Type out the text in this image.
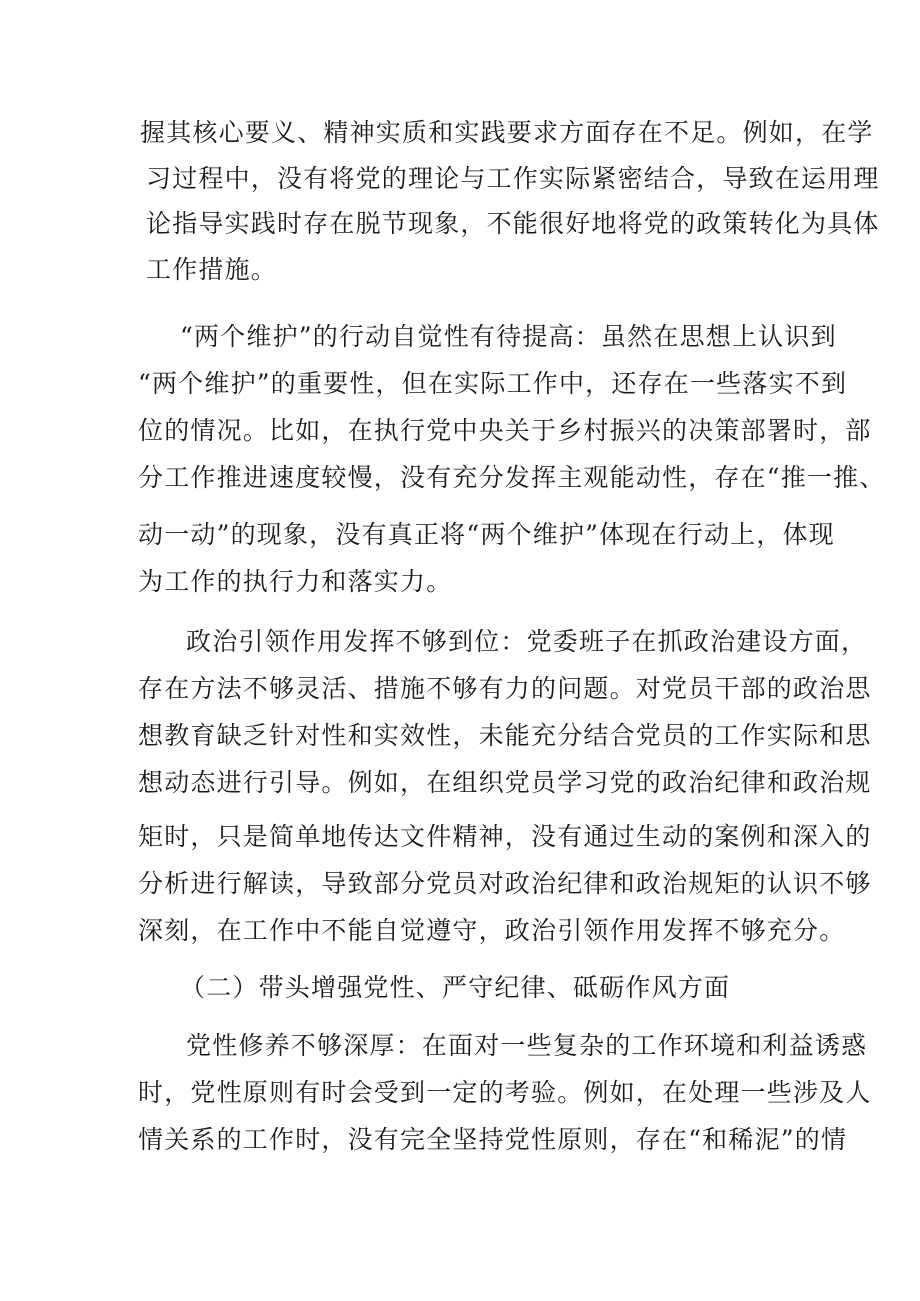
握其核心要义、精神实质和实践要求方面存在不足。例如，在学
习过程中，没有将党的理论与工作实际紧密结合，导致在运用理
论指导实践时存在脱节现象，不能很好地将党的政策转化为具体
工作措施。
“两个维护”的行动自觉性有待提高：虽然在思想上认识到
“两个维护”的重要性，但在实际工作中，还存在一些落实不到
位的情况。比如，在执行党中央关于乡村振兴的决策部署时，部
分工作推进速度较慢，没有充分发挥主观能动性，存在“推一推、
动一动”的现象，没有真正将“两个维护”体现在行动上，体现
为工作的执行力和落实力。
政治引领作用发挥不够到位：党委班子在抓政治建设方面，
存在方法不够灵活、措施不够有力的问题。对党员干部的政治思
想教育缺乏针对性和实效性，未能充分结合党员的工作实际和思
想动态进行引导。例如，在组织党员学习党的政治纪律和政治规
矩时，只是简单地传达文件精神，没有通过生动的案例和深入的
分析进行解读，导致部分党员对政治纪律和政治规矩的认识不够
深刻，在工作中不能自觉遵守，政治引领作用发挥不够充分。
（二）带头增强党性、严守纪律、砥砺作风方面
党性修养不够深厚：在面对一些复杂的工作环境和利益诱惑
时，党性原则有时会受到一定的考验。例如，在处理一些涉及人
情关系的工作时，没有完全坚持党性原则，存在“和稀泥”的情
